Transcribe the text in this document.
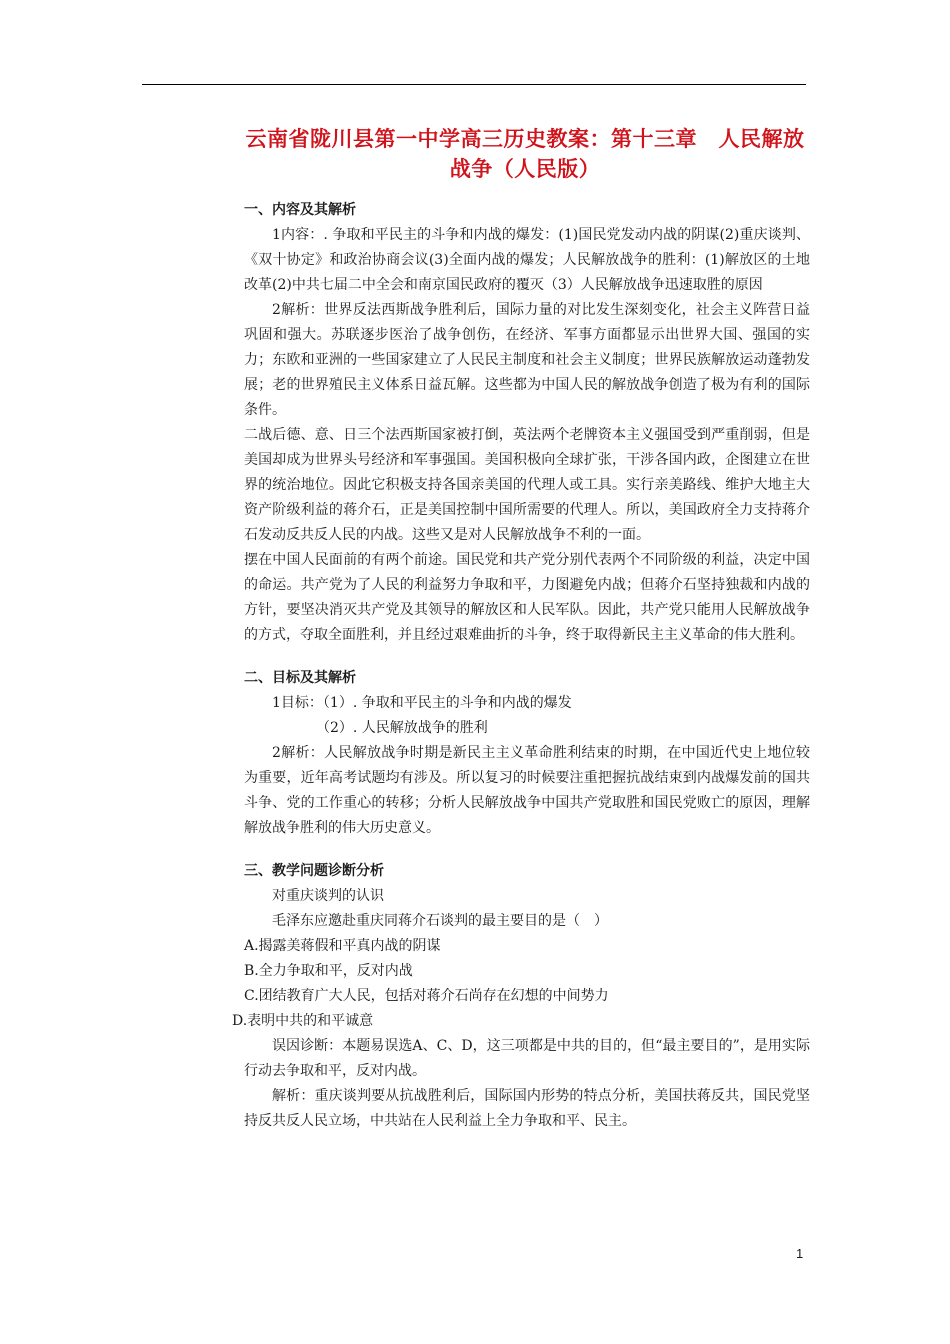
云南省陇川县第一中学高三历史教案：第十三章　人民解放战争（人民版）

一、内容及其解析

1内容：. 争取和平民主的斗争和内战的爆发：(1)国民党发动内战的阴谋(2)重庆谈判、《双十协定》和政治协商会议(3)全面内战的爆发；人民解放战争的胜利：(1)解放区的土地改革(2)中共七届二中全会和南京国民政府的覆灭（3）人民解放战争迅速取胜的原因

2解析：世界反法西斯战争胜利后，国际力量的对比发生深刻变化，社会主义阵营日益巩固和强大。苏联逐步医治了战争创伤，在经济、军事方面都显示出世界大国、强国的实力；东欧和亚洲的一些国家建立了人民民主制度和社会主义制度；世界民族解放运动蓬勃发展；老的世界殖民主义体系日益瓦解。这些都为中国人民的解放战争创造了极为有利的国际条件。

二战后德、意、日三个法西斯国家被打倒，英法两个老牌资本主义强国受到严重削弱，但是美国却成为世界头号经济和军事强国。美国积极向全球扩张，干涉各国内政，企图建立在世界的统治地位。因此它积极支持各国亲美国的代理人或工具。实行亲美路线、维护大地主大资产阶级利益的蒋介石，正是美国控制中国所需要的代理人。所以，美国政府全力支持蒋介石发动反共反人民的内战。这些又是对人民解放战争不利的一面。

摆在中国人民面前的有两个前途。国民党和共产党分别代表两个不同阶级的利益，决定中国的命运。共产党为了人民的利益努力争取和平，力图避免内战；但蒋介石坚持独裁和内战的方针，要坚决消灭共产党及其领导的解放区和人民军队。因此，共产党只能用人民解放战争的方式，夺取全面胜利，并且经过艰难曲折的斗争，终于取得新民主主义革命的伟大胜利。

二、目标及其解析

1目标：（1）. 争取和平民主的斗争和内战的爆发

（2）. 人民解放战争的胜利

2解析：人民解放战争时期是新民主主义革命胜利结束的时期，在中国近代史上地位较为重要，近年高考试题均有涉及。所以复习的时候要注重把握抗战结束到内战爆发前的国共斗争、党的工作重心的转移；分析人民解放战争中国共产党取胜和国民党败亡的原因，理解解放战争胜利的伟大历史意义。

三、教学问题诊断分析

对重庆谈判的认识

毛泽东应邀赴重庆同蒋介石谈判的最主要目的是（　）

A.揭露美蒋假和平真内战的阴谋

B.全力争取和平，反对内战

C.团结教育广大人民，包括对蒋介石尚存在幻想的中间势力

D.表明中共的和平诚意

误因诊断：本题易误选A、C、D，这三项都是中共的目的，但“最主要目的”，是用实际行动去争取和平，反对内战。

解析：重庆谈判要从抗战胜利后，国际国内形势的特点分析，美国扶蒋反共，国民党坚持反共反人民立场，中共站在人民利益上全力争取和平、民主。

1
